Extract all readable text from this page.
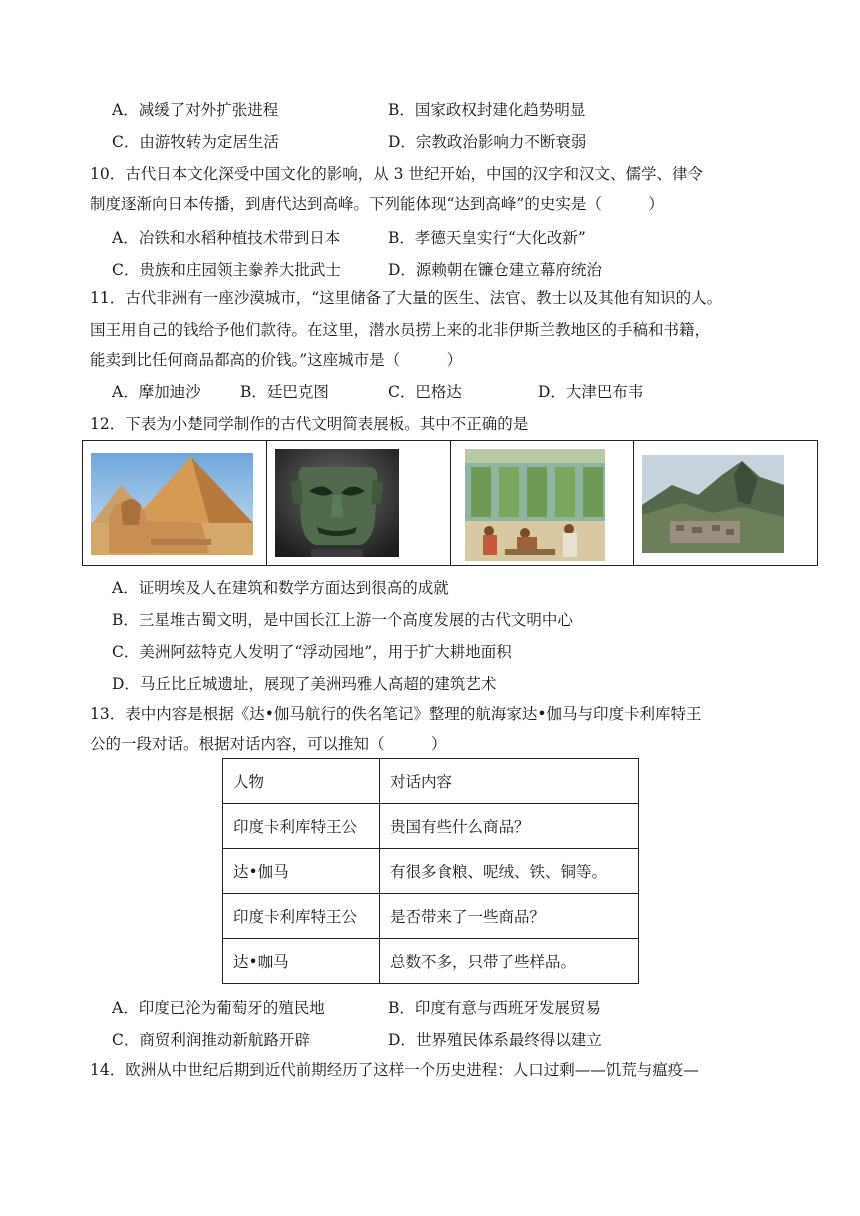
A．减缓了对外扩张进程	B．国家政权封建化趋势明显
C．由游牧转为定居生活	D．宗教政治影响力不断衰弱
10．古代日本文化深受中国文化的影响，从 3 世纪开始，中国的汉字和汉文、儒学、律令
制度逐渐向日本传播，到唐代达到高峰。下列能体现“达到高峰”的史实是（　　　）
A．冶铁和水稻种植技术带到日本	B．孝德天皇实行“大化改新”
C．贵族和庄园领主豢养大批武士	D．源赖朝在镰仓建立幕府统治
11．古代非洲有一座沙漠城市，“这里储备了大量的医生、法官、教士以及其他有知识的人。
国王用自己的钱给予他们款待。在这里，潜水员捞上来的北非伊斯兰教地区的手稿和书籍，
能卖到比任何商品都高的价钱。”这座城市是（　　　）
A．摩加迪沙	B．廷巴克图	C．巴格达	D．大津巴布韦
12．下表为小楚同学制作的古代文明简表展板。其中不正确的是
A．证明埃及人在建筑和数学方面达到很高的成就
B．三星堆古蜀文明，是中国长江上游一个高度发展的古代文明中心
C．美洲阿兹特克人发明了“浮动园地”，用于扩大耕地面积
D．马丘比丘城遗址，展现了美洲玛雅人高超的建筑艺术
13．表中内容是根据《达•伽马航行的佚名笔记》整理的航海家达•伽马与印度卡利库特王
公的一段对话。根据对话内容，可以推知（　　　）
人物	对话内容
印度卡利库特王公	贵国有些什么商品？
达•伽马	有很多食粮、呢绒、铁、铜等。
印度卡利库特王公	是否带来了一些商品？
达•咖马	总数不多，只带了些样品。
A．印度已沦为葡萄牙的殖民地	B．印度有意与西班牙发展贸易
C．商贸利润推动新航路开辟	D．世界殖民体系最终得以建立
14．欧洲从中世纪后期到近代前期经历了这样一个历史进程：人口过剩——饥荒与瘟疫—
